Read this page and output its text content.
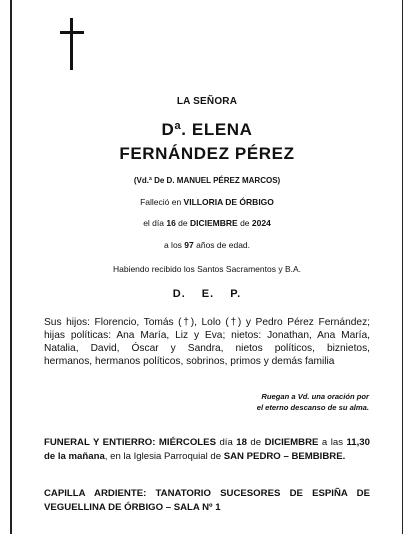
LA SEÑORA
Dª. ELENA
FERNÁNDEZ PÉREZ
(Vd.ª De D. MANUEL PÉREZ MARCOS)
Falleció en VILLORIA DE ÓRBIGO
el día 16 de DICIEMBRE de 2024
a los 97 años de edad.
Habiendo recibido los Santos Sacramentos y B.A.
D. E. P.
Sus hijos: Florencio, Tomás (†), Lolo (†) y Pedro Pérez Fernández;
hijas políticas: Ana María, Liz y Eva; nietos: Jonathan, Ana María,
Natalia, David, Óscar y Sandra, nietos políticos, biznietos,
hermanos, hermanos políticos, sobrinos, primos y demás familia
Ruegan a Vd. una oración por
el eterno descanso de su alma.
FUNERAL Y ENTIERRO: MIÉRCOLES día 18 de DICIEMBRE a las 11,30 de la mañana, en la Iglesia Parroquial de SAN PEDRO – BEMBIBRE.
CAPILLA ARDIENTE: TANATORIO SUCESORES DE ESPIÑA DE VEGUELLINA DE ÓRBIGO – SALA Nº 1
